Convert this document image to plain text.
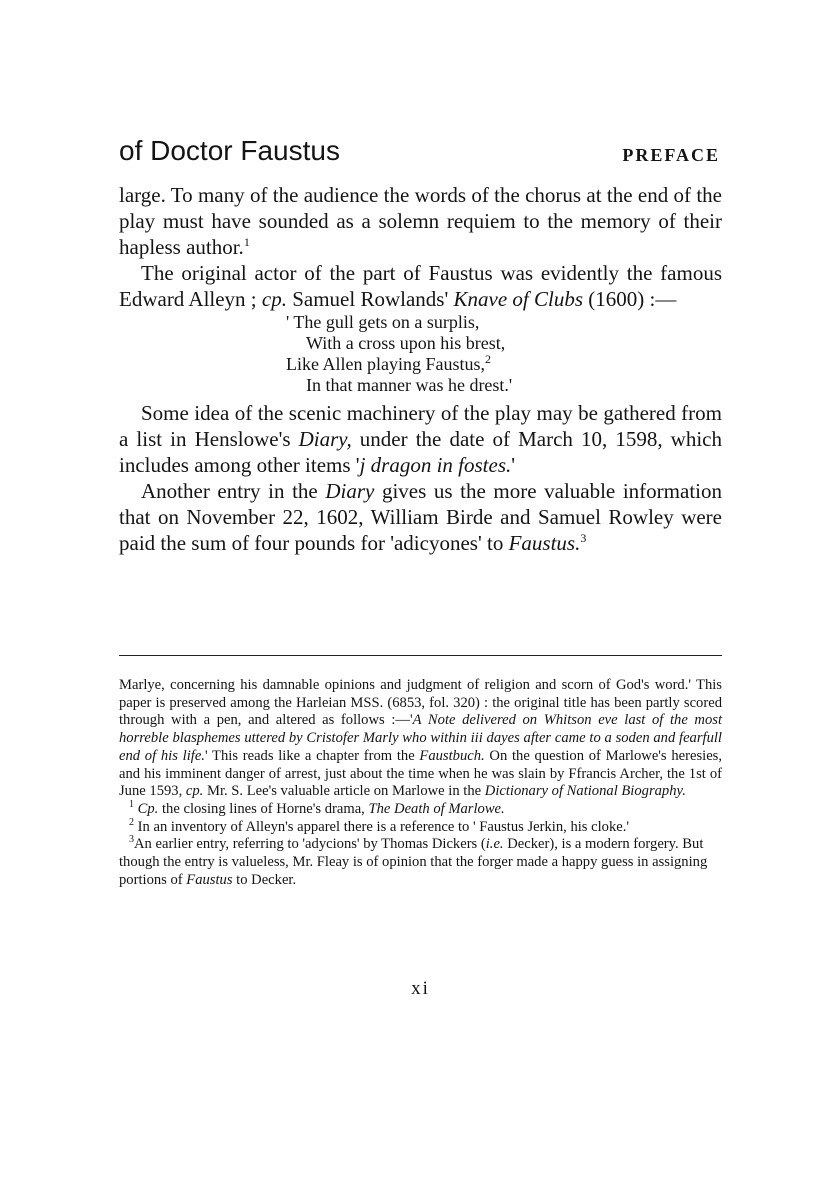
of Doctor Faustus	PREFACE

large. To many of the audience the words of the chorus at the end of the play must have sounded as a solemn requiem to the memory of their hapless author.$^1$

The original actor of the part of Faustus was evidently the famous Edward Alleyn ; cp. Samuel Rowlands' Knave of Clubs (1600) :—

' The gull gets on a surplis,
With a cross upon his brest,
Like Allen playing Faustus,$^2$
In that manner was he drest.'

Some idea of the scenic machinery of the play may be gathered from a list in Henslowe's Diary, under the date of March 10, 1598, which includes among other items 'j dragon in fostes.'

Another entry in the Diary gives us the more valuable information that on November 22, 1602, William Birde and Samuel Rowley were paid the sum of four pounds for 'adicyones' to Faustus.$^3$

Marlye, concerning his damnable opinions and judgment of religion and scorn of God's word.' This paper is preserved among the Harleian MSS. (6853, fol. 320) : the original title has been partly scored through with a pen, and altered as follows :—'A Note delivered on Whitson eve last of the most horreble blasphemes uttered by Cristofer Marly who within iii dayes after came to a soden and fearfull end of his life.' This reads like a chapter from the Faustbuch. On the question of Marlowe's heresies, and his imminent danger of arrest, just about the time when he was slain by Ffrancis Archer, the 1st of June 1593, cp. Mr. S. Lee's valuable article on Marlowe in the Dictionary of National Biography.

$^1$ Cp. the closing lines of Horne's drama, The Death of Marlowe.

$^2$ In an inventory of Alleyn's apparel there is a reference to ' Faustus Jerkin, his cloke.'

$^3$An earlier entry, referring to 'adycions' by Thomas Dickers (i.e. Decker), is a modern forgery. But though the entry is valueless, Mr. Fleay is of opinion that the forger made a happy guess in assigning portions of Faustus to Decker.

xi
